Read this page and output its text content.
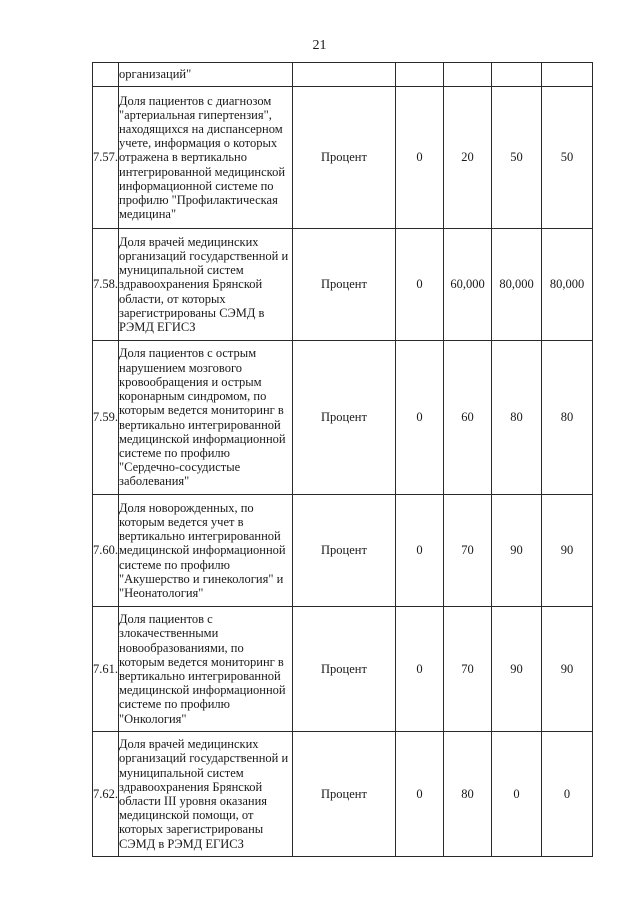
21
	организаций"					
7.57.	Доля пациентов с диагнозом "артериальная гипертензия", находящихся на диспансерном учете, информация о которых отражена в вертикально интегрированной медицинской информационной системе по профилю "Профилактическая медицина"	Процент	0	20	50	50
7.58.	Доля врачей медицинских организаций государственной и муниципальной систем здравоохранения Брянской области, от которых зарегистрированы СЭМД в РЭМД ЕГИСЗ	Процент	0	60,000	80,000	80,000
7.59.	Доля пациентов с острым нарушением мозгового кровообращения и острым коронарным синдромом, по которым ведется мониторинг в вертикально интегрированной медицинской информационной системе по профилю "Сердечно-сосудистые заболевания"	Процент	0	60	80	80
7.60.	Доля новорожденных, по которым ведется учет в вертикально интегрированной медицинской информационной системе по профилю "Акушерство и гинекология" и "Неонатология"	Процент	0	70	90	90
7.61.	Доля пациентов с злокачественными новообразованиями, по которым ведется мониторинг в вертикально интегрированной медицинской информационной системе по профилю "Онкология"	Процент	0	70	90	90
7.62.	Доля врачей медицинских организаций государственной и муниципальной систем здравоохранения Брянской области III уровня оказания медицинской помощи, от которых зарегистрированы СЭМД в РЭМД ЕГИСЗ	Процент	0	80	0	0
